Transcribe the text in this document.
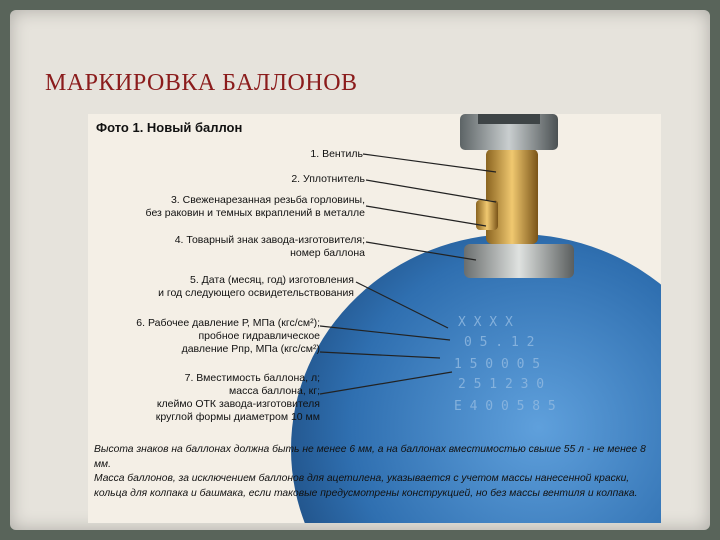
МАРКИРОВКА БАЛЛОНОВ
X X X X
0 5 . 1 2
1 5 0 0 0 5
2 5 1 2 3 0
Е 4 0 0 5 8 5
Фото 1. Новый баллон
1. Вентиль
2. Уплотнитель
3. Свеженарезанная резьба горловины,
без раковин и темных вкраплений в металле
4. Товарный знак завода-изготовителя;
номер баллона
5. Дата (месяц, год) изготовления
и год следующего освидетельствования
6. Рабочее давление Р, МПа (кгс/см²);
пробное гидравлическое
давление Рпр, МПа (кгс/см²)
7. Вместимость баллона, л;
масса баллона, кг;
клеймо ОТК завода-изготовителя
круглой формы диаметром 10 мм

Высота знаков на баллонах должна быть не менее 6 мм, а на баллонах вместимостью свыше 55 л - не менее 8 мм.

Масса баллонов, за исключением баллонов для ацетилена, указывается с учетом массы нанесенной краски, кольца для колпака и башмака, если таковые предусмотрены конструкцией, но без массы вентиля и колпака.
